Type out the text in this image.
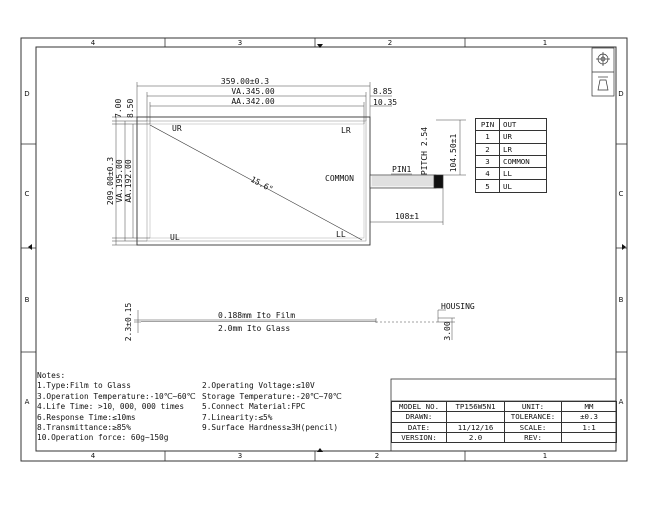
4	3	2	1
4	3	2	1
D
C
B
A
D
C
B
A
359.00±0.3
VA.345.00
AA.342.00
8.85
10.35
7.00 8.50
209.00±0.3 VA.195.00 AA.192.00
PITCH 2.54	104.50±1
108±1
UR	LR
UL	LL
COMMON
15.6"
PIN1
0.188mm Ito Film
2.0mm Ito Glass
HOUSING
3.00
2.3±0.15
PIN	OUT
1	UR
2	LR
3	COMMON
4	LL
5	UL
Notes:
1.Type:Film to Glass	2.Operating Voltage:≤10V
3.Operation Temperature:-10℃~60℃ Storage Temperature:-20℃~70℃
4.Life Time: >10，000，000 times	5.Connect Material:FPC
6.Response Time:≤10ms	7.Linearity:≤5%
8.Transmittance:≥85%	9.Surface Hardness≥3H(pencil)
10.Operation force: 60g~150g
MODEL NO.	TP156W5N1	UNIT:	MM
DRAWN:		TOLERANCE:	±0.3
DATE:	11/12/16	SCALE:	1:1
VERSION:	2.0	REV:	
